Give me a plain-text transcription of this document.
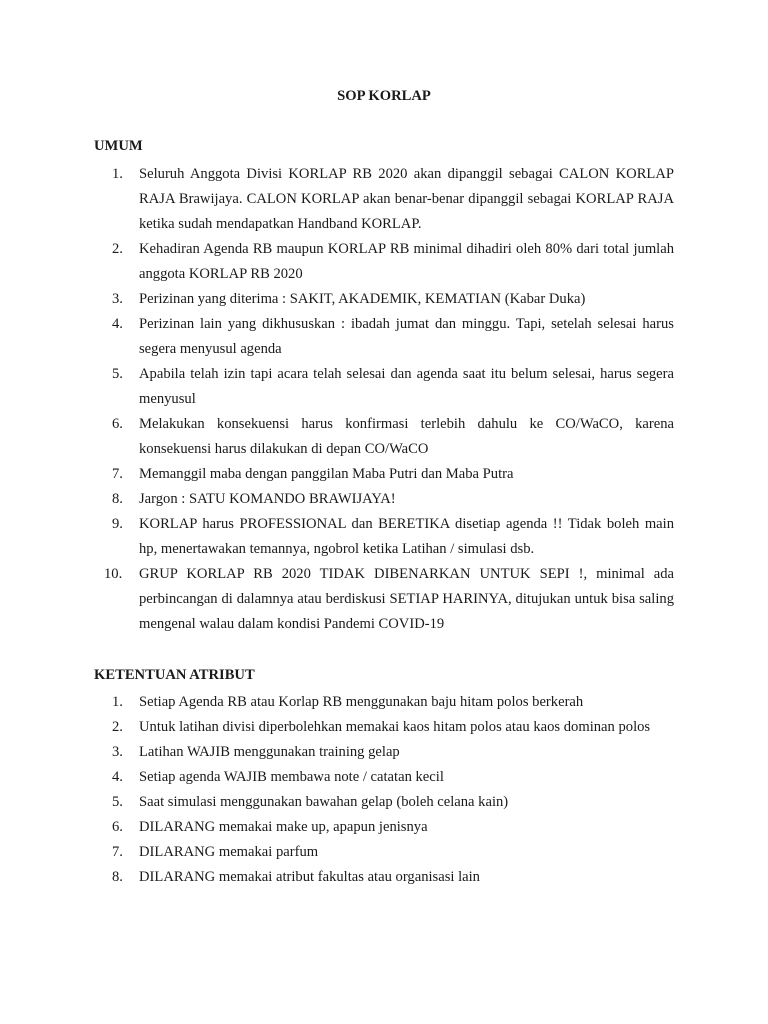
SOP KORLAP
UMUM
1.	Seluruh Anggota Divisi KORLAP RB 2020 akan dipanggil sebagai CALON KORLAP RAJA Brawijaya. CALON KORLAP akan benar-benar dipanggil sebagai KORLAP RAJA ketika sudah mendapatkan Handband KORLAP.
2.	Kehadiran Agenda RB maupun KORLAP RB minimal dihadiri oleh 80% dari total jumlah anggota KORLAP RB 2020
3.	Perizinan yang diterima : SAKIT, AKADEMIK, KEMATIAN (Kabar Duka)
4.	Perizinan lain yang dikhususkan : ibadah jumat dan minggu. Tapi, setelah selesai harus segera menyusul agenda
5.	Apabila telah izin tapi acara telah selesai dan agenda saat itu belum selesai, harus segera menyusul
6.	Melakukan konsekuensi harus konfirmasi terlebih dahulu ke CO/WaCO, karena konsekuensi harus dilakukan di depan CO/WaCO
7.	Memanggil maba dengan panggilan Maba Putri dan Maba Putra
8.	Jargon : SATU KOMANDO BRAWIJAYA!
9.	KORLAP harus PROFESSIONAL dan BERETIKA disetiap agenda !! Tidak boleh main hp, menertawakan temannya, ngobrol ketika Latihan / simulasi dsb.
10. GRUP KORLAP RB 2020 TIDAK DIBENARKAN UNTUK SEPI !, minimal ada perbincangan di dalamnya atau berdiskusi SETIAP HARINYA, ditujukan untuk bisa saling mengenal walau dalam kondisi Pandemi COVID-19
KETENTUAN ATRIBUT
1.	Setiap Agenda RB atau Korlap RB menggunakan baju hitam polos berkerah
2.	Untuk latihan divisi diperbolehkan memakai kaos hitam polos atau kaos dominan polos
3.	Latihan WAJIB menggunakan training gelap
4.	Setiap agenda WAJIB membawa note / catatan kecil
5.	Saat simulasi menggunakan bawahan gelap (boleh celana kain)
6.	DILARANG memakai make up, apapun jenisnya
7.	DILARANG memakai parfum
8.	DILARANG memakai atribut fakultas atau organisasi lain
